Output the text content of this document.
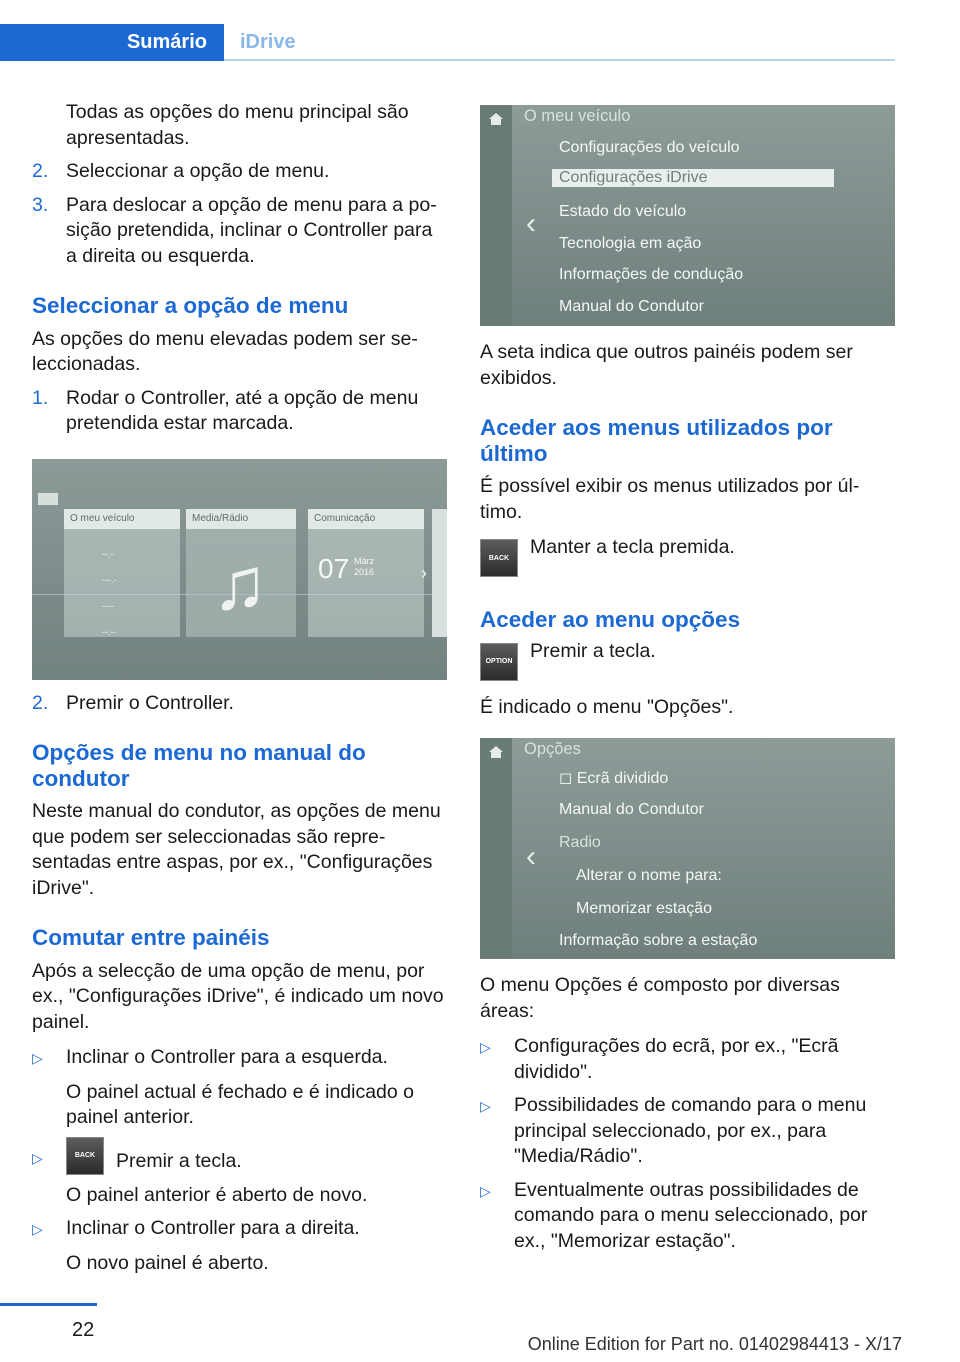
Sumário	iDrive

Todas as opções do menu principal são apresentadas.

2. Seleccionar a opção de menu.
3. Para deslocar a opção de menu para a po‐sição pretendida, inclinar o Controller para a direita ou esquerda.
Seleccionar a opção de menu

As opções do menu elevadas podem ser se‐leccionadas.

1. Rodar o Controller, até a opção de menu pretendida estar marcada.
O meu veículo
--.-
---.-
----
--:--
Media/Rádio
♫
Comunicação
07 März
2016	›
2. Premir o Controller.
Opções de menu no manual do condutor

Neste manual do condutor, as opções de menu que podem ser seleccionadas são repre‐sentadas entre aspas, por ex., "Configurações iDrive".

Comutar entre painéis

Após a selecção de uma opção de menu, por ex., "Configurações iDrive", é indicado um novo painel.

▷	Inclinar o Controller para a esquerda.

O painel actual é fechado e é indicado o painel anterior.

▷	BACK	Premir a tecla.

O painel anterior é aberto de novo.

▷	Inclinar o Controller para a direita.

O novo painel é aberto.

‹
O meu veículo
Configurações do veículo
Configurações iDrive
Estado do veículo
Tecnologia em ação
Informações de condução
Manual do Condutor

A seta indica que outros painéis podem ser exibidos.

Aceder aos menus utilizados por último

É possível exibir os menus utilizados por úl‐timo.

BACK	Manter a tecla premida.
Aceder ao menu opções
OPTION Premir a tecla.

É indicado o menu "Opções".

‹
Opções
◻ Ecrã dividido
Manual do Condutor
Radio
Alterar o nome para:
Memorizar estação
Informação sobre a estação

O menu Opções é composto por diversas áreas:

▷	Configurações do ecrã, por ex., "Ecrã dividido".
▷	Possibilidades de comando para o menu principal seleccionado, por ex., para "Media/Rádio".
▷	Eventualmente outras possibilidades de comando para o menu seleccionado, por ex., "Memorizar estação".
22
Online Edition for Part no. 01402984413 - X/17
